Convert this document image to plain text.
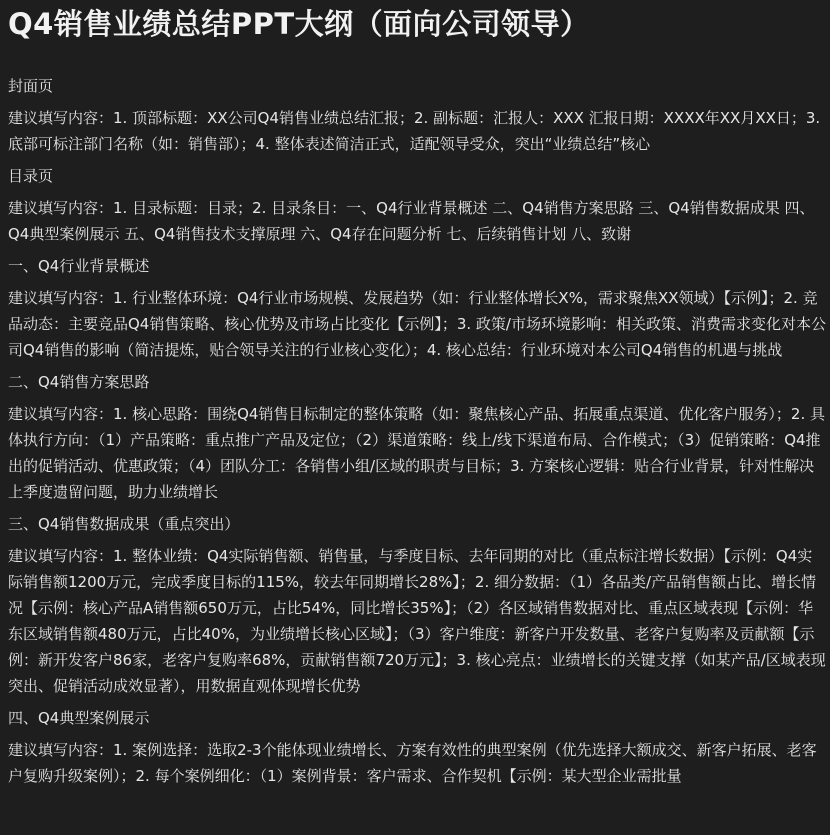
Q4销售业绩总结PPT大纲（面向公司领导）
封面页
建议填写内容：1. 顶部标题：XX公司Q4销售业绩总结汇报；2. 副标题：汇报人：XXX 汇报日期：XXXX年XX月XX日；3. 底部可标注部门名称（如：销售部）；4. 整体表述简洁正式，适配领导受众，突出“业绩总结”核心
目录页
建议填写内容：1. 目录标题：目录；2. 目录条目：一、Q4行业背景概述 二、Q4销售方案思路 三、Q4销售数据成果 四、Q4典型案例展示 五、Q4销售技术支撑原理 六、Q4存在问题分析 七、后续销售计划 八、致谢
一、Q4行业背景概述
建议填写内容：1. 行业整体环境：Q4行业市场规模、发展趋势（如：行业整体增长X%，需求聚焦XX领域）【示例】；2. 竞品动态：主要竞品Q4销售策略、核心优势及市场占比变化【示例】；3. 政策/市场环境影响：相关政策、消费需求变化对本公司Q4销售的影响（简洁提炼，贴合领导关注的行业核心变化）；4. 核心总结：行业环境对本公司Q4销售的机遇与挑战
二、Q4销售方案思路
建议填写内容：1. 核心思路：围绕Q4销售目标制定的整体策略（如：聚焦核心产品、拓展重点渠道、优化客户服务）；2. 具体执行方向：（1）产品策略：重点推广产品及定位；（2）渠道策略：线上/线下渠道布局、合作模式；（3）促销策略：Q4推出的促销活动、优惠政策；（4）团队分工：各销售小组/区域的职责与目标；3. 方案核心逻辑：贴合行业背景，针对性解决上季度遗留问题，助力业绩增长
三、Q4销售数据成果（重点突出）
建议填写内容：1. 整体业绩：Q4实际销售额、销售量，与季度目标、去年同期的对比（重点标注增长数据）【示例：Q4实际销售额1200万元，完成季度目标的115%，较去年同期增长28%】；2. 细分数据：（1）各品类/产品销售额占比、增长情况【示例：核心产品A销售额650万元，占比54%，同比增长35%】；（2）各区域销售数据对比、重点区域表现【示例：华东区域销售额480万元，占比40%，为业绩增长核心区域】；（3）客户维度：新客户开发数量、老客户复购率及贡献额【示例：新开发客户86家，老客户复购率68%，贡献销售额720万元】；3. 核心亮点：业绩增长的关键支撑（如某产品/区域表现突出、促销活动成效显著），用数据直观体现增长优势
四、Q4典型案例展示
建议填写内容：1. 案例选择：选取2-3个能体现业绩增长、方案有效性的典型案例（优先选择大额成交、新客户拓展、老客户复购升级案例）；2. 每个案例细化：（1）案例背景：客户需求、合作契机【示例：某大型企业需批量
